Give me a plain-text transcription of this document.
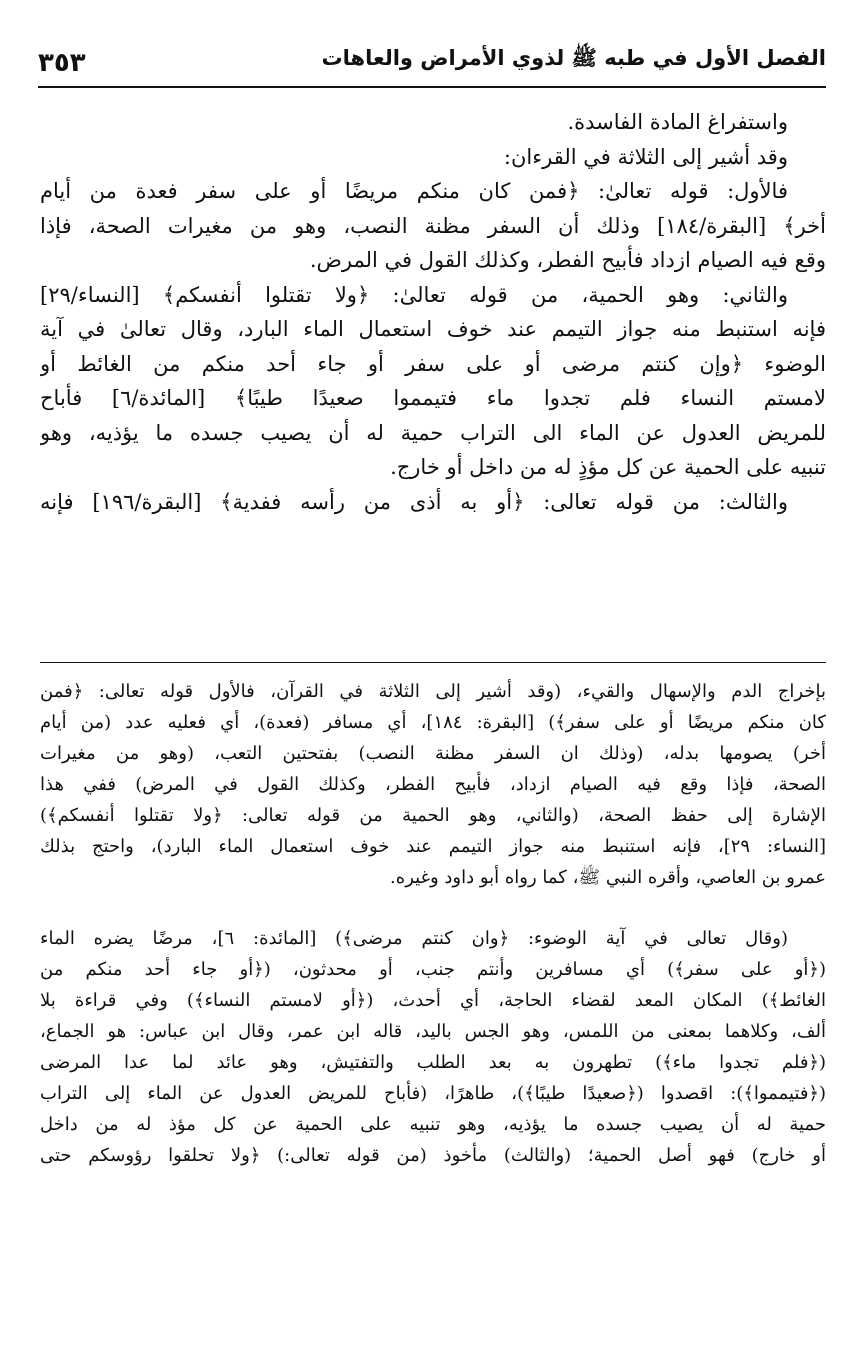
الفصل الأول في طبه ﷺ لذوي الأمراض والعاهات
٣٥٣
واستفراغ المادة الفاسدة.
وقد أشير إلى الثلاثة في القرءان:
فالأول: قوله تعالىٰ: ﴿فمن كان منكم مريضًا أو على سفر فعدة من أيام
أخر﴾ [البقرة/١٨٤] وذلك أن السفر مظنة النصب، وهو من مغيرات الصحة، فإذا
وقع فيه الصيام ازداد فأبيح الفطر، وكذلك القول في المرض.
والثاني: وهو الحمية، من قوله تعالىٰ: ﴿ولا تقتلوا أنفسكم﴾ [النساء/٢٩]
فإنه استنبط منه جواز التيمم عند خوف استعمال الماء البارد، وقال تعالىٰ في آية
الوضوء ﴿وإن كنتم مرضى أو على سفر أو جاء أحد منكم من الغائط أو
لامستم النساء فلم تجدوا ماء فتيمموا صعيدًا طيبًا﴾ [المائدة/٦] فأباح
للمريض العدول عن الماء الى التراب حمية له أن يصيب جسده ما يؤذيه، وهو
تنبيه على الحمية عن كل مؤذٍ له من داخل أو خارج.
والثالث: من قوله تعالى: ﴿أو به أذى من رأسه ففدية﴾ [البقرة/١٩٦] فإنه
بإخراج الدم والإسهال والقيء، (وقد أشير إلى الثلاثة في القرآن، فالأول قوله تعالى: ﴿فمن
كان منكم مريضًا أو على سفر﴾) [البقرة: ١٨٤]، أي مسافر (فعدة)، أي فعليه عدد (من أيام
أخر) يصومها بدله، (وذلك ان السفر مظنة النصب) بفتحتين التعب، (وهو من مغيرات
الصحة، فإذا وقع فيه الصيام ازداد، فأبيح الفطر، وكذلك القول في المرض) ففي هذا
الإشارة إلى حفظ الصحة، (والثاني، وهو الحمية من قوله تعالى: ﴿ولا تقتلوا أنفسكم﴾)
[النساء: ٢٩]، فإنه استنبط منه جواز التيمم عند خوف استعمال الماء البارد)، واحتج بذلك
عمرو بن العاصي، وأقره النبي ﷺ، كما رواه أبو داود وغيره.
(وقال تعالى في آية الوضوء: ﴿وان كنتم مرضى﴾) [المائدة: ٦]، مرضًا يضره الماء
(﴿أو على سفر﴾) أي مسافرين وأنتم جنب، أو محدثون، (﴿أو جاء أحد منكم من
الغائط﴾) المكان المعد لقضاء الحاجة، أي أحدث، (﴿أو لامستم النساء﴾) وفي قراءة بلا
ألف، وكلاهما بمعنى من اللمس، وهو الجس باليد، قاله ابن عمر، وقال ابن عباس: هو الجماع،
(﴿فلم تجدوا ماء﴾) تطهرون به بعد الطلب والتفتيش، وهو عائد لما عدا المرضى
(﴿فتيمموا﴾): اقصدوا (﴿صعيدًا طيبًا﴾)، طاهرًا، (فأباح للمريض العدول عن الماء إلى التراب
حمية له أن يصيب جسده ما يؤذيه، وهو تنبيه على الحمية عن كل مؤذ له من داخل
أو خارج) فهو أصل الحمية؛ (والثالث) مأخوذ (من قوله تعالى:) ﴿ولا تحلقوا رؤوسكم حتى
